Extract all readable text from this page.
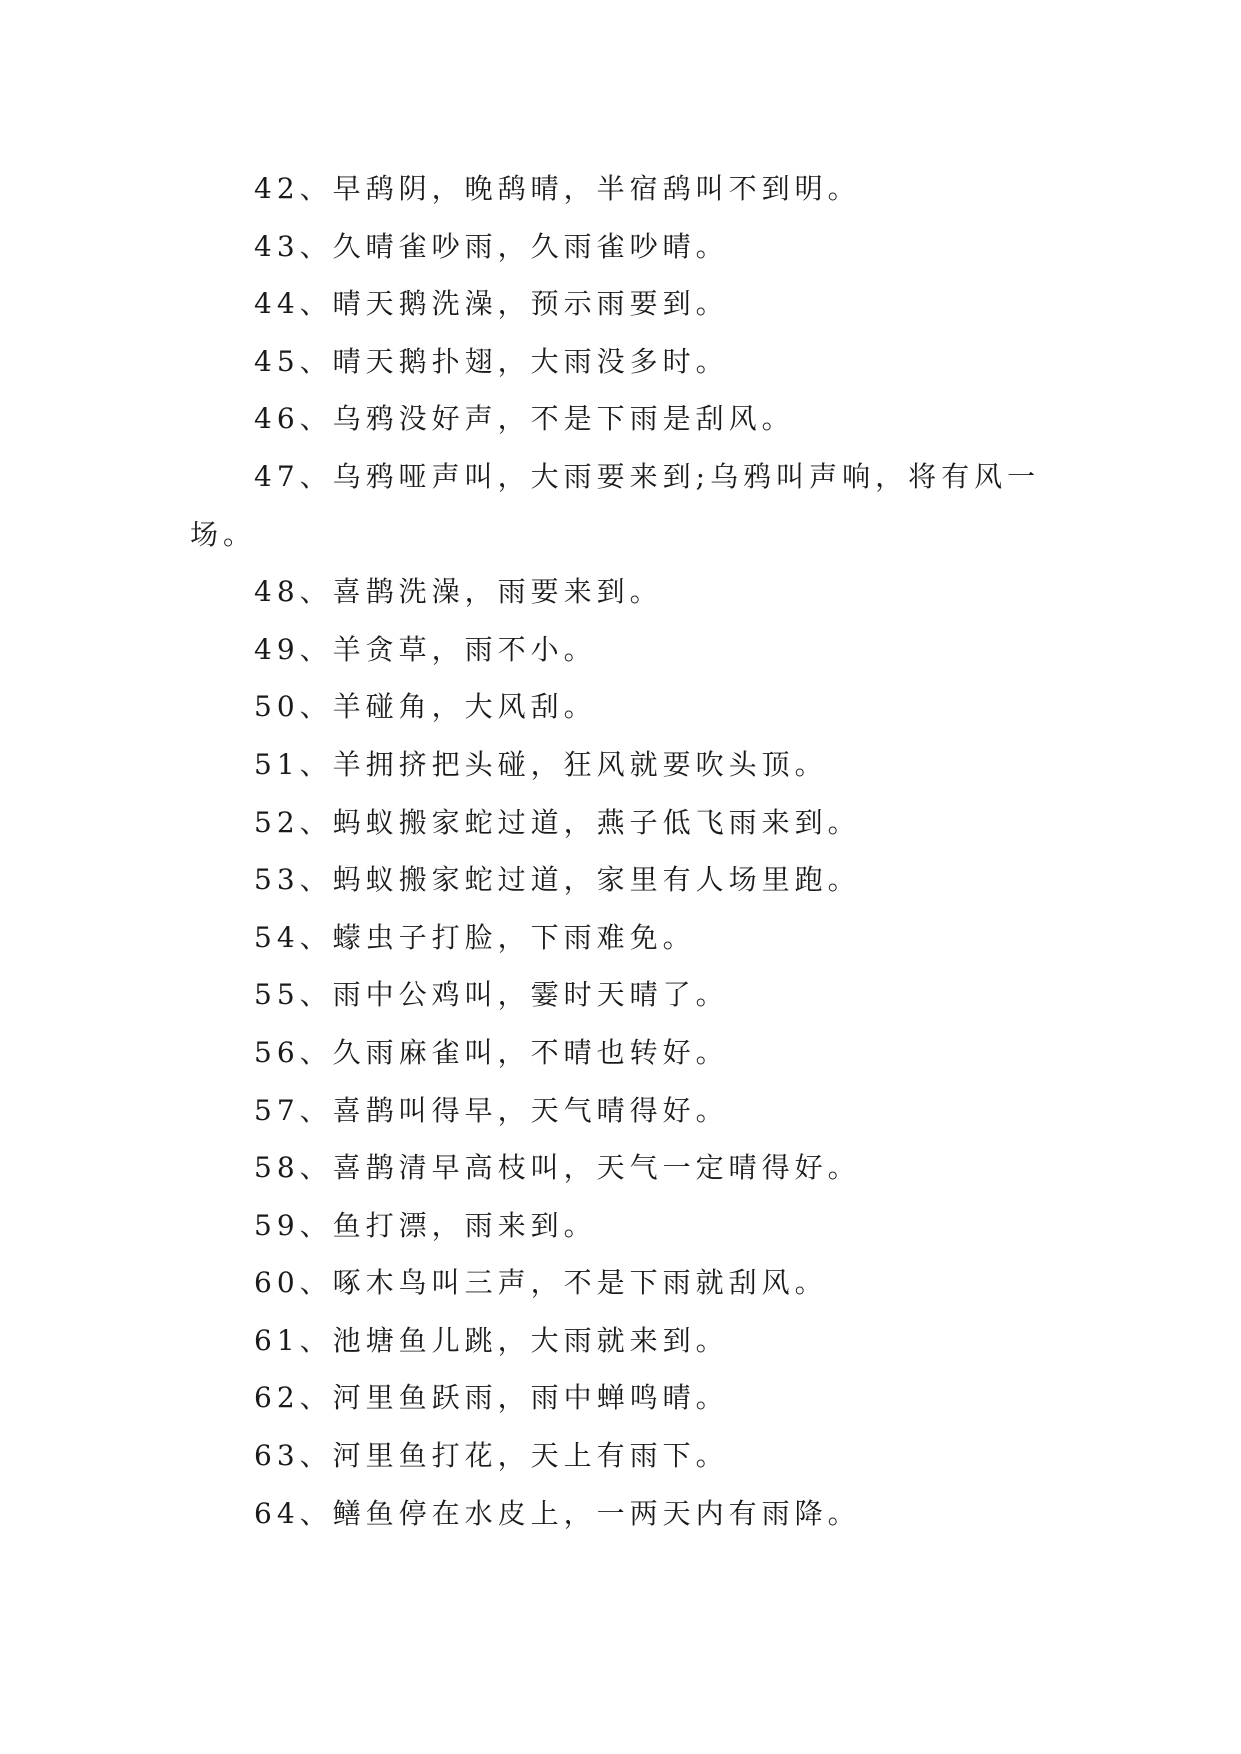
42、早鸹阴，晚鸹晴，半宿鸹叫不到明。

43、久晴雀吵雨，久雨雀吵晴。

44、晴天鹅洗澡，预示雨要到。

45、晴天鹅扑翅，大雨没多时。

46、乌鸦没好声，不是下雨是刮风。

47、乌鸦哑声叫，大雨要来到;乌鸦叫声响，将有风一场。

48、喜鹊洗澡，雨要来到。

49、羊贪草，雨不小。

50、羊碰角，大风刮。

51、羊拥挤把头碰，狂风就要吹头顶。

52、蚂蚁搬家蛇过道，燕子低飞雨来到。

53、蚂蚁搬家蛇过道，家里有人场里跑。

54、蠓虫子打脸，下雨难免。

55、雨中公鸡叫，霎时天晴了。

56、久雨麻雀叫，不晴也转好。

57、喜鹊叫得早，天气晴得好。

58、喜鹊清早高枝叫，天气一定晴得好。

59、鱼打漂，雨来到。

60、啄木鸟叫三声，不是下雨就刮风。

61、池塘鱼儿跳，大雨就来到。

62、河里鱼跃雨，雨中蝉鸣晴。

63、河里鱼打花，天上有雨下。

64、鳝鱼停在水皮上，一两天内有雨降。
